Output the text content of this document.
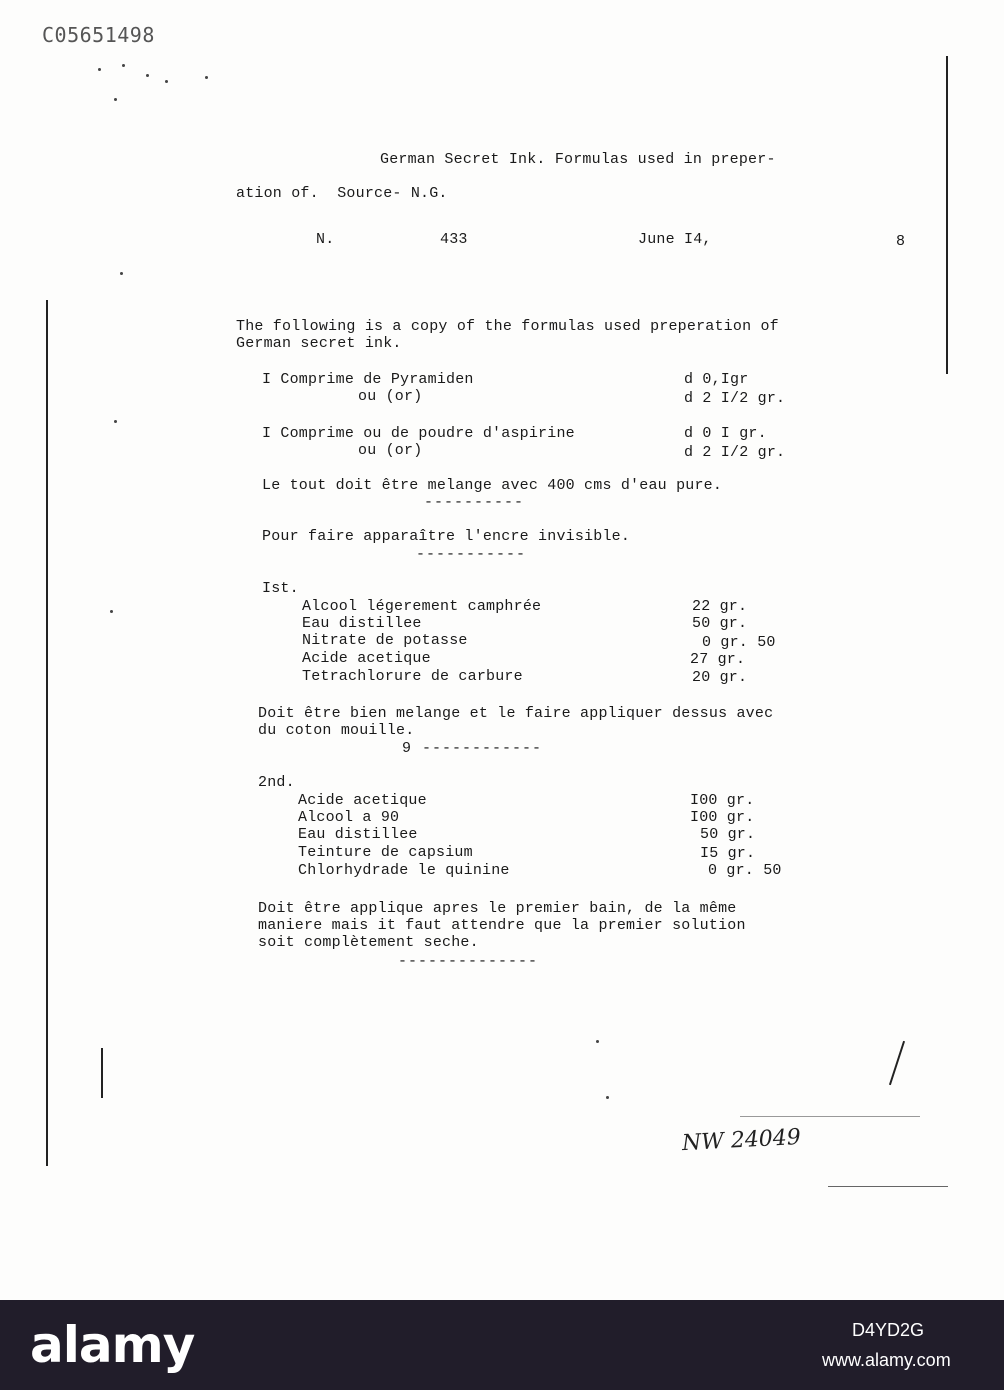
C05651498
German Secret Ink. Formulas used in preper-
ation of.  Source- N.G.
N.	433	June I4,	8
The following is a copy of the formulas used preperation of
German secret ink.
I Comprime de Pyramiden	d 0,Igr
ou (or)	d 2 I/2 gr.
I Comprime ou de poudre d'aspirine	d 0 I gr.
ou (or)	d 2 I/2 gr.
Le tout doit être melange avec 400 cms d'eau pure.
----------
Pour faire apparaître l'encre invisible.
-----------
Ist.
Alcool légerement camphrée	22 gr.
Eau distillee	50 gr.
Nitrate de potasse	0 gr. 50
Acide acetique	27 gr.
Tetrachlorure de carbure	20 gr.
Doit être bien melange et le faire appliquer dessus avec
du coton mouille.
9 ------------
2nd.
Acide acetique	I00 gr.
Alcool a 90	I00 gr.
Eau distillee	50 gr.
Teinture de capsium	I5 gr.
Chlorhydrade le quinine	0 gr. 50
Doit être applique apres le premier bain, de la même
maniere mais it faut attendre que la premier solution
soit complètement seche.
--------------
NW 24049
alamy	D4YD2G
www.alamy.com
